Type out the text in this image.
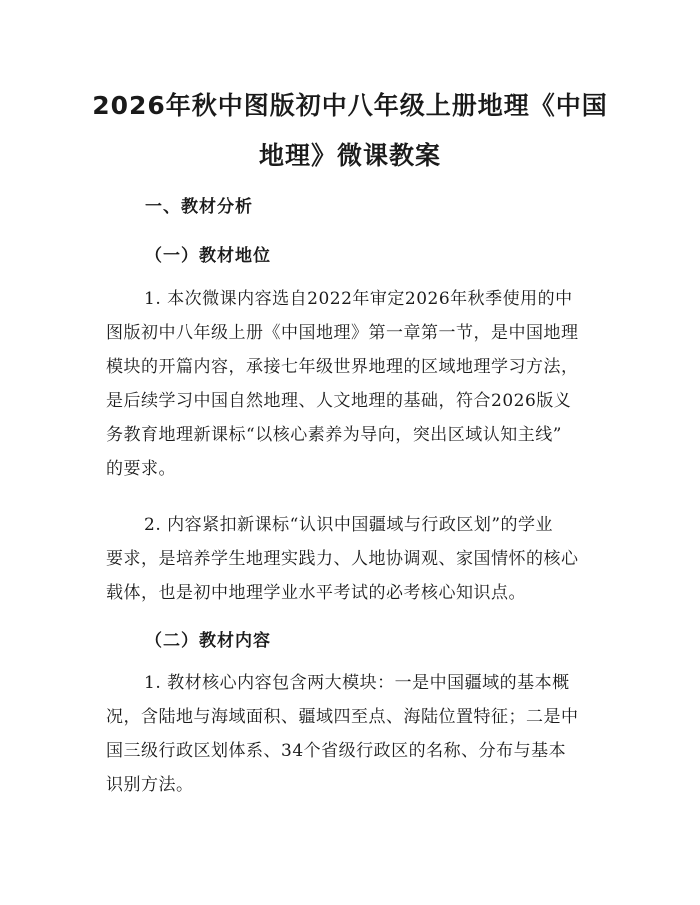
2026年秋中图版初中八年级上册地理《中国
地理》微课教案
一、教材分析
（一）教材地位
1. 本次微课内容选自2022年审定2026年秋季使用的中
图版初中八年级上册《中国地理》第一章第一节，是中国地理
模块的开篇内容，承接七年级世界地理的区域地理学习方法，
是后续学习中国自然地理、人文地理的基础，符合2026版义
务教育地理新课标“以核心素养为导向，突出区域认知主线”
的要求。
2. 内容紧扣新课标“认识中国疆域与行政区划”的学业
要求，是培养学生地理实践力、人地协调观、家国情怀的核心
载体，也是初中地理学业水平考试的必考核心知识点。
（二）教材内容
1. 教材核心内容包含两大模块：一是中国疆域的基本概
况，含陆地与海域面积、疆域四至点、海陆位置特征；二是中
国三级行政区划体系、34个省级行政区的名称、分布与基本
识别方法。
